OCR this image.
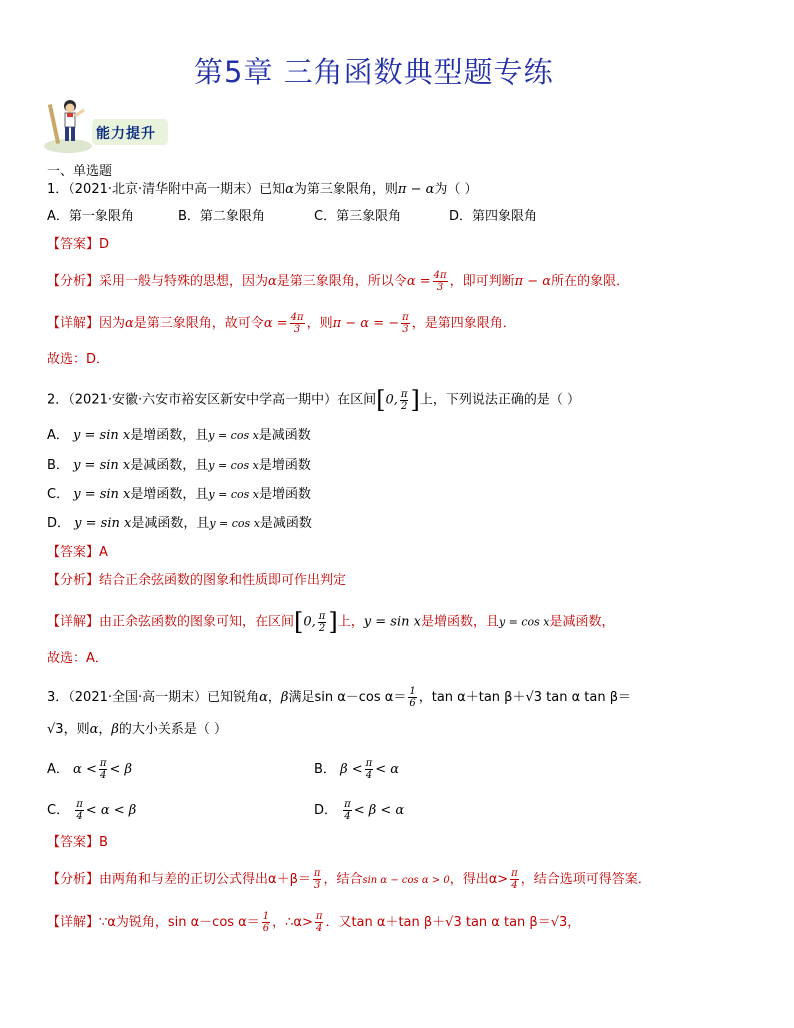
第5章 三角函数典型题专练
能力提升
一、单选题
1．（2021·北京·清华附中高一期末）已知α为第三象限角，则π − α为（ ）
A．第一象限角	B．第二象限角	C．第三象限角	D．第四象限角
【答案】D
【分析】采用一般与特殊的思想，因为α是第三象限角，所以令$\alpha = \frac{4\pi}{3}$ ，即可判断π − α所在的象限．
【详解】因为α是第三象限角，故可令$\alpha = \frac{4\pi}{3}$ ，则π − α = − $\frac{\pi}{3}$ ，是第四象限角．
故选：D．
2．（2021·安徽·六安市裕安区新安中学高一期中）在区间[0, $\frac{\pi}{2}$ ]上，下列说法正确的是（ ）
A． y = sin x是增函数，且y = cos x是减函数
B． y = sin x是减函数，且y = cos x是增函数
C． y = sin x是增函数，且y = cos x是增函数
D． y = sin x是减函数，且y = cos x是减函数
【答案】A
【分析】结合正余弦函数的图象和性质即可作出判定
【详解】由正余弦函数的图象可知，在区间[0, $\frac{\pi}{2}$ ]上，y = sin x是增函数，且y = cos x是减函数，
故选：A．
3．（2021·全国·高一期末）已知锐角α，β满足sin α－cos $\alpha= \frac{1}{6}$ ，tan α＋tan β＋√3 tan α tan β＝
√3，则α，β的大小关系是（ ）
A． $\alpha < \frac{\pi}{4} < \beta$	B． $\beta < \frac{\pi}{4} < \alpha$
C． $\frac{\pi}{4} < \alpha < \beta$	D． $\frac{\pi}{4} < \beta < \alpha$
【答案】B
【分析】由两角和与差的正切公式得出$\alpha+\beta= \frac{\pi}{3}$ ，结合sin α − cos α > 0，得出$\alpha> \frac{\pi}{4}$ ，结合选项可得答案．
【详解】∵α为锐角，sin α－cos $\alpha= \frac{1}{6}$ ，∴α> $\frac{\pi}{4}$ ．又tan α＋tan β＋√3 tan α tan β＝√3，
